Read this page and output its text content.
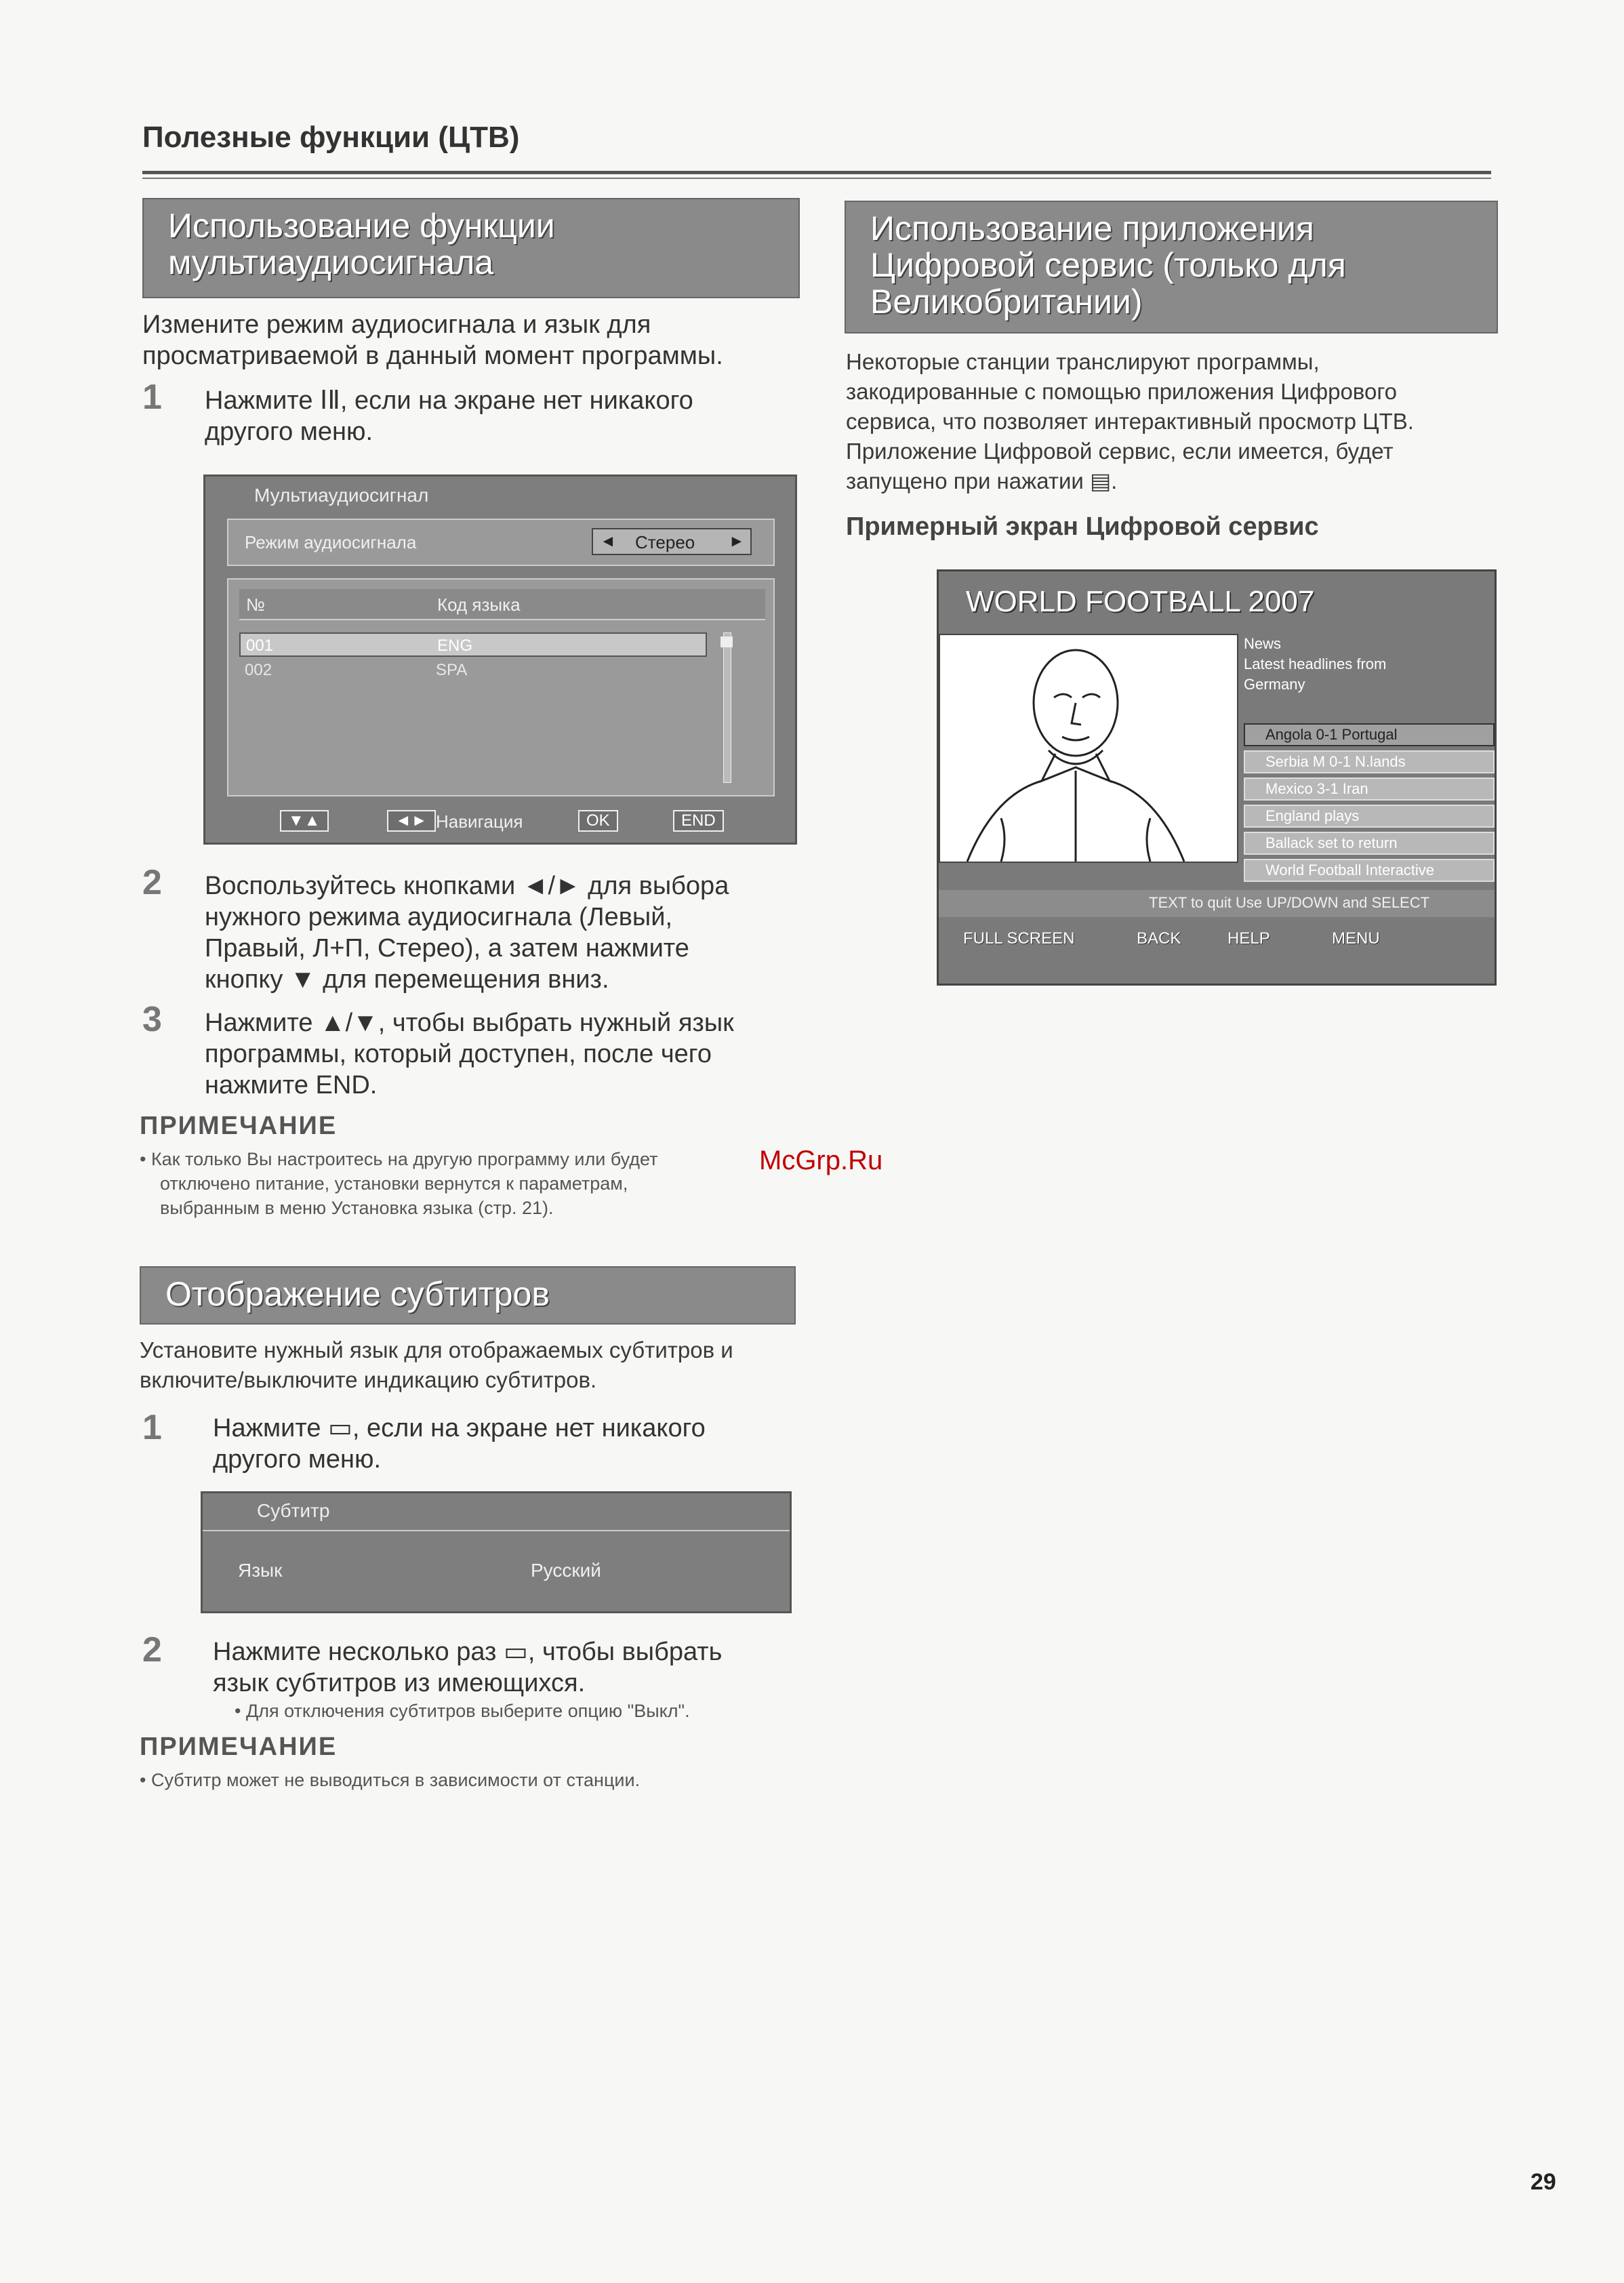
Полезные функции (ЦТВ)
Использование функции
мультиаудиосигнала
Измените режим аудиосигнала и язык для
просматриваемой в данный момент программы.
1 Нажмите ⅠⅡ, если на экране нет никакого
другого меню.
Мультиаудиосигнал
Режим аудиосигнала	◄ Стерео ►
№	Код языка
001	ENG
002	SPA
▼▲	◄► Навигация	OK	END
2 Воспользуйтесь кнопками ◄/► для выбора
нужного режима аудиосигнала (Левый,
Правый, Л+П, Стерео), а затем нажмите
кнопку ▼ для перемещения вниз.
3 Нажмите ▲/▼, чтобы выбрать нужный язык
программы, который доступен, после чего
нажмите END.
ПРИМЕЧАНИЕ
• Как только Вы настроитесь на другую программу или будет
отключено питание, установки вернутся к параметрам,
выбранным в меню Установка языка (стр. 21).
McGrp.Ru
Отображение субтитров
Установите нужный язык для отображаемых субтитров и
включите/выключите индикацию субтитров.
1 Нажмите ▭, если на экране нет никакого
другого меню.
Субтитр
Язык	Русский
2 Нажмите несколько раз ▭, чтобы выбрать
язык субтитров из имеющихся.
• Для отключения субтитров выберите опцию "Выкл".
ПРИМЕЧАНИЕ
• Субтитр может не выводиться в зависимости от станции.
Использование приложения
Цифровой сервис (только для
Великобритании)
Некоторые станции транслируют программы,
закодированные с помощью приложения Цифрового
сервиса, что позволяет интерактивный просмотр ЦТВ.
Приложение Цифровой сервис, если имеется, будет
запущено при нажатии ▤.
Примерный экран Цифровой сервис
WORLD FOOTBALL 2007
News
Latest headlines from
Germany
Angola 0-1 Portugal
Serbia M 0-1 N.lands
Mexico 3-1 Iran
England plays
Ballack set to return
World Football Interactive
TEXT to quit Use UP/DOWN and SELECT
FULL SCREEN	BACK	HELP	MENU
29
